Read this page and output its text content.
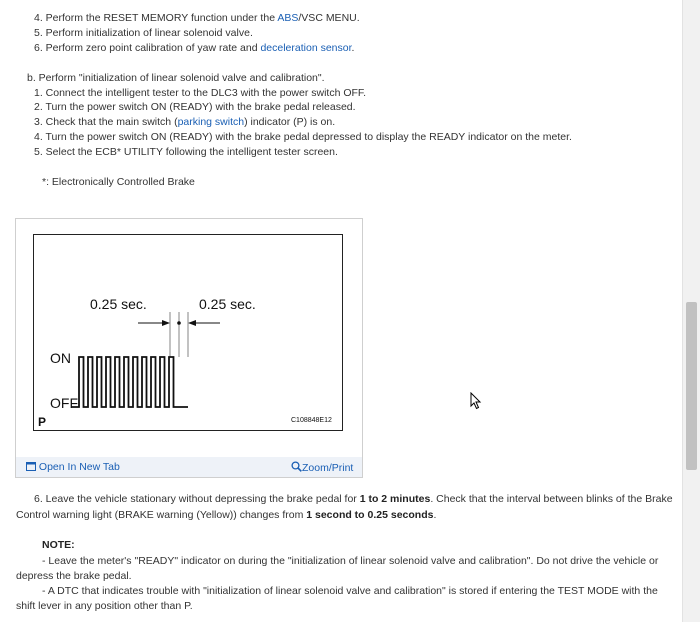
4. Perform the RESET MEMORY function under the ABS/VSC MENU.
5. Perform initialization of linear solenoid valve.
6. Perform zero point calibration of yaw rate and deceleration sensor.
b. Perform "initialization of linear solenoid valve and calibration".
1. Connect the intelligent tester to the DLC3 with the power switch OFF.
2. Turn the power switch ON (READY) with the brake pedal released.
3. Check that the main switch (parking switch) indicator (P) is on.
4. Turn the power switch ON (READY) with the brake pedal depressed to display the READY indicator on the meter.
5. Select the ECB* UTILITY following the intelligent tester screen.
*: Electronically Controlled Brake
0.25 sec.	0.25 sec.
ON
OFF
P	C108848E12
Open In New Tab	Zoom/Print
6. Leave the vehicle stationary without depressing the brake pedal for 1 to 2 minutes. Check that the interval between blinks of the Brake
Control warning light (BRAKE warning (Yellow)) changes from 1 second to 0.25 seconds.
NOTE:
- Leave the meter's "READY" indicator on during the "initialization of linear solenoid valve and calibration". Do not drive the vehicle or
depress the brake pedal.
- A DTC that indicates trouble with "initialization of linear solenoid valve and calibration" is stored if entering the TEST MODE with the
shift lever in any position other than P.
